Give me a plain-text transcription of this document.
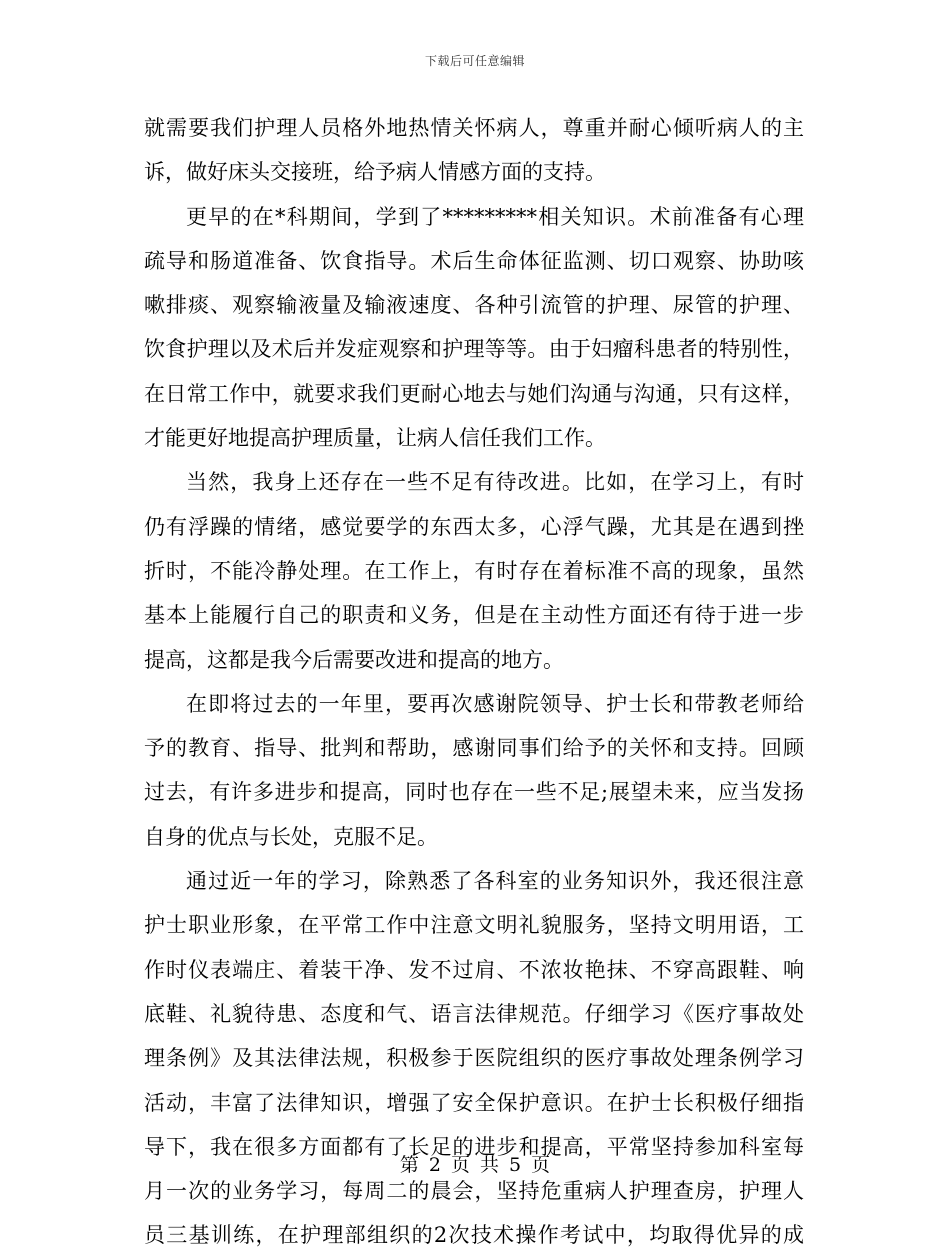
下载后可任意编辑
就需要我们护理人员格外地热情关怀病人，尊重并耐心倾听病人的主
诉，做好床头交接班，给予病人情感方面的支持。
更早的在*科期间，学到了*********相关知识。术前准备有心理
疏导和肠道准备、饮食指导。术后生命体征监测、切口观察、协助咳
嗽排痰、观察输液量及输液速度、各种引流管的护理、尿管的护理、
饮食护理以及术后并发症观察和护理等等。由于妇瘤科患者的特别性，
在日常工作中，就要求我们更耐心地去与她们沟通与沟通，只有这样，
才能更好地提高护理质量，让病人信任我们工作。
当然，我身上还存在一些不足有待改进。比如，在学习上，有时
仍有浮躁的情绪，感觉要学的东西太多，心浮气躁，尤其是在遇到挫
折时，不能冷静处理。在工作上，有时存在着标准不高的现象，虽然
基本上能履行自己的职责和义务，但是在主动性方面还有待于进一步
提高，这都是我今后需要改进和提高的地方。
在即将过去的一年里，要再次感谢院领导、护士长和带教老师给
予的教育、指导、批判和帮助，感谢同事们给予的关怀和支持。回顾
过去，有许多进步和提高，同时也存在一些不足;展望未来，应当发扬
自身的优点与长处，克服不足。
通过近一年的学习，除熟悉了各科室的业务知识外，我还很注意
护士职业形象，在平常工作中注意文明礼貌服务，坚持文明用语，工
作时仪表端庄、着装干净、发不过肩、不浓妆艳抹、不穿高跟鞋、响
底鞋、礼貌待患、态度和气、语言法律规范。仔细学习《医疗事故处
理条例》及其法律法规，积极参于医院组织的医疗事故处理条例学习
活动，丰富了法律知识，增强了安全保护意识。在护士长积极仔细指
导下，我在很多方面都有了长足的进步和提高，平常坚持参加科室每
月一次的业务学习，每周二的晨会，坚持危重病人护理查房，护理人
员三基训练，在护理部组织的2次技术操作考试中，均取得优异的成
第 2 页 共 5 页
